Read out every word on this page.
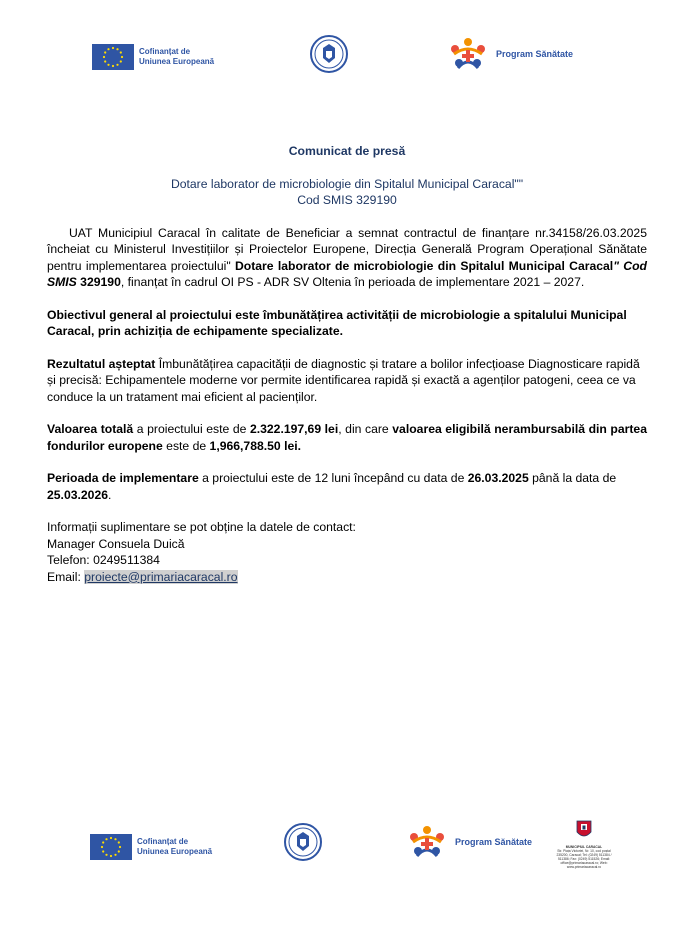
Cofinanțat de
Uniunea Europeană
Program Sănătate

Comunicat de presă

Dotare laborator de microbiologie din Spitalul Municipal Caracal""

Cod SMIS 329190

UAT Municipiul Caracal în calitate de Beneficiar a semnat contractul de finanțare nr.34158/26.03.2025 încheiat cu Ministerul Investițiilor și Proiectelor Europene, Direcția Generală Program Operațional Sănătate pentru implementarea proiectului" Dotare laborator de microbiologie din Spitalul Municipal Caracal" Cod SMIS 329190, finanțat în cadrul OI PS - ADR SV Oltenia în perioada de implementare 2021 – 2027.

Obiectivul general al proiectului este îmbunătățirea activității de microbiologie a spitalului Municipal Caracal, prin achiziția de echipamente specializate.

Rezultatul așteptat Îmbunătățirea capacității de diagnostic și tratare a bolilor infecțioase Diagnosticare rapidă și precisă: Echipamentele moderne vor permite identificarea rapidă și exactă a agenților patogeni, ceea ce va conduce la un tratament mai eficient al pacienților.

Valoarea totală a proiectului este de 2.322.197,69 lei, din care valoarea eligibilă nerambursabilă din partea fondurilor europene este de 1,966,788.50 lei.

Perioada de implementare a proiectului este de 12 luni începând cu data de 26.03.2025 până la data de 25.03.2026.

Informații suplimentare se pot obține la datele de contact:

Manager Consuela Duică

Telefon: 0249511384

Email: proiecte@primariacaracal.ro

Cofinanțat de
Uniunea Europeană
Program Sănătate	MUNICIPIUL CARACAL
Str. Piața Victoriei, Nr. 10, cod poștal 235200, Caracal; Tel: (0249) 511384 / 511386; Fax: (0249) 511526; Email: office@primariacaracal.ro; Web: www.primariacaracal.ro
